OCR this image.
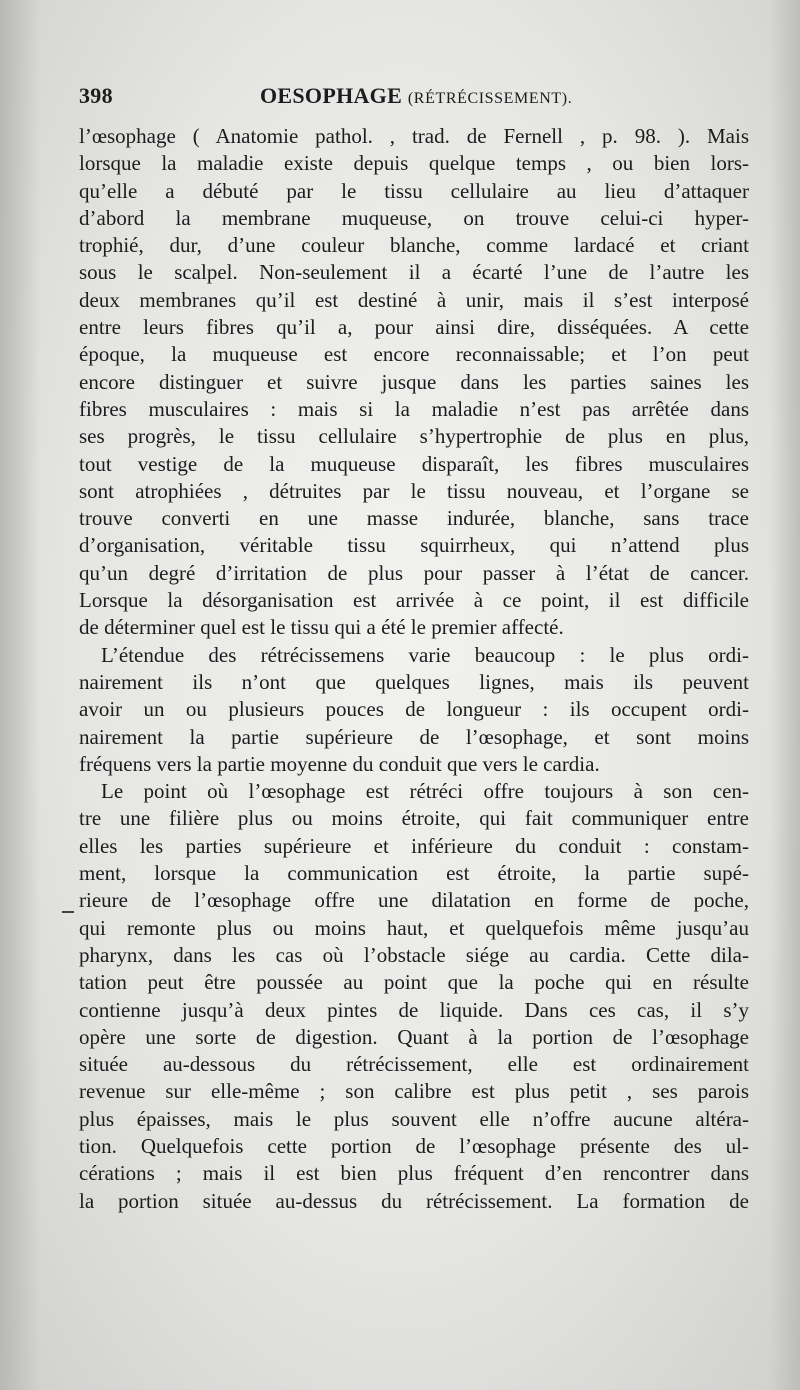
398	OESOPHAGE (RÉTRÉCISSEMENT).
l’œsophage ( Anatomie pathol. , trad. de Fernell , p. 98. ). Mais
lorsque la maladie existe depuis quelque temps , ou bien lors-
qu’elle a débuté par le tissu cellulaire au lieu d’attaquer
d’abord la membrane muqueuse, on trouve celui-ci hyper-
trophié, dur, d’une couleur blanche, comme lardacé et criant
sous le scalpel. Non-seulement il a écarté l’une de l’autre les
deux membranes qu’il est destiné à unir, mais il s’est interposé
entre leurs fibres qu’il a, pour ainsi dire, disséquées. A cette
époque, la muqueuse est encore reconnaissable; et l’on peut
encore distinguer et suivre jusque dans les parties saines les
fibres musculaires : mais si la maladie n’est pas arrêtée dans
ses progrès, le tissu cellulaire s’hypertrophie de plus en plus,
tout vestige de la muqueuse disparaît, les fibres musculaires
sont atrophiées , détruites par le tissu nouveau, et l’organe se
trouve converti en une masse indurée, blanche, sans trace
d’organisation, véritable tissu squirrheux, qui n’attend plus
qu’un degré d’irritation de plus pour passer à l’état de cancer.
Lorsque la désorganisation est arrivée à ce point, il est difficile
de déterminer quel est le tissu qui a été le premier affecté.
L’étendue des rétrécissemens varie beaucoup : le plus ordi-
nairement ils n’ont que quelques lignes, mais ils peuvent
avoir un ou plusieurs pouces de longueur : ils occupent ordi-
nairement la partie supérieure de l’œsophage, et sont moins
fréquens vers la partie moyenne du conduit que vers le cardia.
Le point où l’œsophage est rétréci offre toujours à son cen-
tre une filière plus ou moins étroite, qui fait communiquer entre
elles les parties supérieure et inférieure du conduit : constam-
ment, lorsque la communication est étroite, la partie supé-
rieure de l’œsophage offre une dilatation en forme de poche,
qui remonte plus ou moins haut, et quelquefois même jusqu’au
pharynx, dans les cas où l’obstacle siége au cardia. Cette dila-
tation peut être poussée au point que la poche qui en résulte
contienne jusqu’à deux pintes de liquide. Dans ces cas, il s’y
opère une sorte de digestion. Quant à la portion de l’œsophage
située au-dessous du rétrécissement, elle est ordinairement
revenue sur elle-même ; son calibre est plus petit , ses parois
plus épaisses, mais le plus souvent elle n’offre aucune altéra-
tion. Quelquefois cette portion de l’œsophage présente des ul-
cérations ; mais il est bien plus fréquent d’en rencontrer dans
la portion située au-dessus du rétrécissement. La formation de
